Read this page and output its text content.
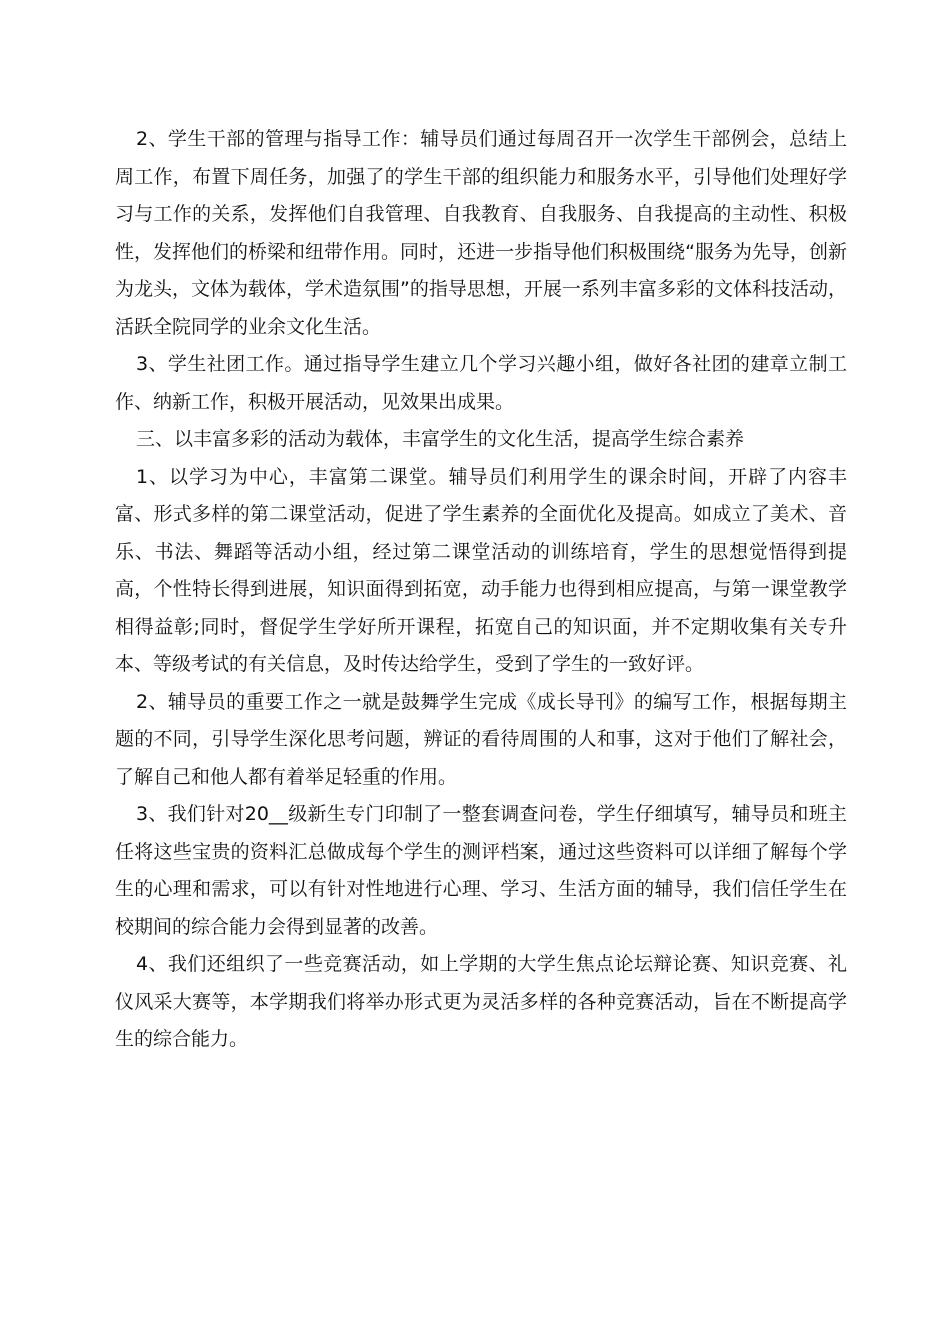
2、学生干部的管理与指导工作：辅导员们通过每周召开一次学生干部例会，总结上周工作，布置下周任务，加强了的学生干部的组织能力和服务水平，引导他们处理好学习与工作的关系，发挥他们自我管理、自我教育、自我服务、自我提高的主动性、积极性，发挥他们的桥梁和纽带作用。同时，还进一步指导他们积极围绕“服务为先导，创新为龙头，文体为载体，学术造氛围”的指导思想，开展一系列丰富多彩的文体科技活动，活跃全院同学的业余文化生活。

3、学生社团工作。通过指导学生建立几个学习兴趣小组，做好各社团的建章立制工作、纳新工作，积极开展活动，见效果出成果。

三、以丰富多彩的活动为载体，丰富学生的文化生活，提高学生综合素养

1、以学习为中心，丰富第二课堂。辅导员们利用学生的课余时间，开辟了内容丰富、形式多样的第二课堂活动，促进了学生素养的全面优化及提高。如成立了美术、音乐、书法、舞蹈等活动小组，经过第二课堂活动的训练培育，学生的思想觉悟得到提高，个性特长得到进展，知识面得到拓宽，动手能力也得到相应提高，与第一课堂教学相得益彰;同时，督促学生学好所开课程，拓宽自己的知识面，并不定期收集有关专升本、等级考试的有关信息，及时传达给学生，受到了学生的一致好评。

2、辅导员的重要工作之一就是鼓舞学生完成《成长导刊》的编写工作，根据每期主题的不同，引导学生深化思考问题，辨证的看待周围的人和事，这对于他们了解社会，了解自己和他人都有着举足轻重的作用。

3、我们针对20__级新生专门印制了一整套调查问卷，学生仔细填写，辅导员和班主任将这些宝贵的资料汇总做成每个学生的测评档案，通过这些资料可以详细了解每个学生的心理和需求，可以有针对性地进行心理、学习、生活方面的辅导，我们信任学生在校期间的综合能力会得到显著的改善。

4、我们还组织了一些竞赛活动，如上学期的大学生焦点论坛辩论赛、知识竞赛、礼仪风采大赛等，本学期我们将举办形式更为灵活多样的各种竞赛活动，旨在不断提高学生的综合能力。
